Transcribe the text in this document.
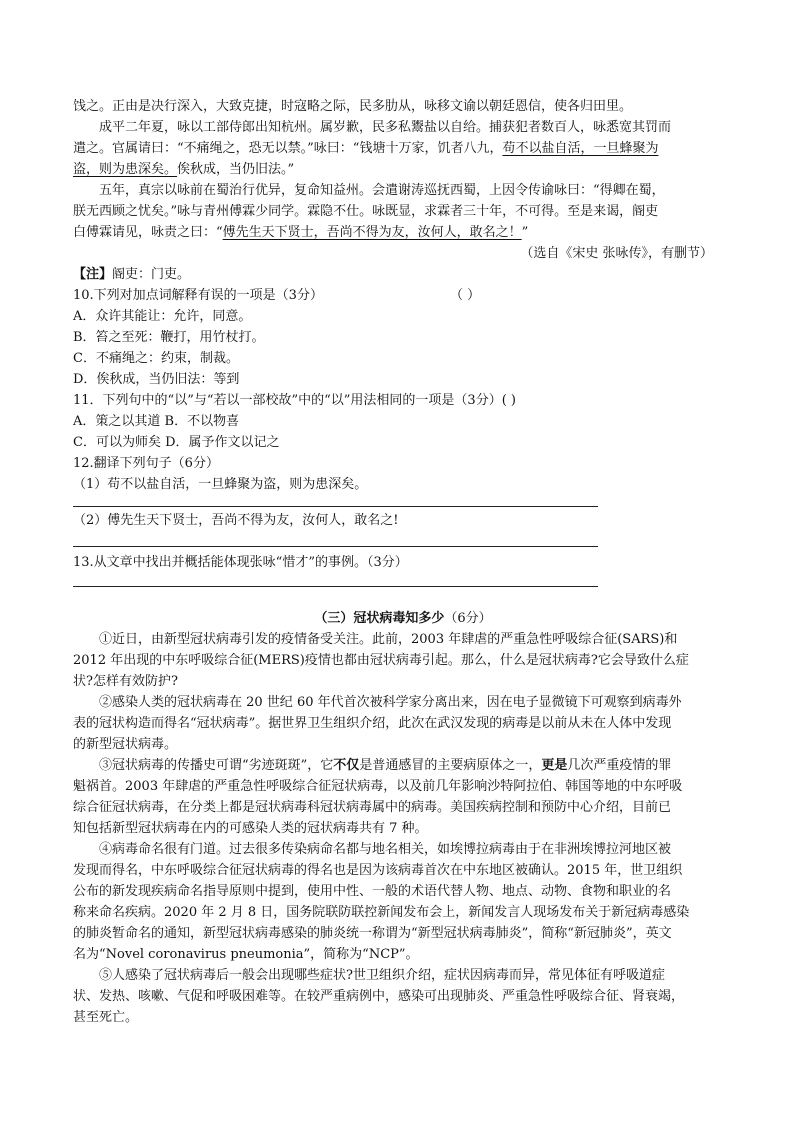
饯之。正由是决行深入，大致克捷，时寇略之际，民多肋从，咏移文谕以朝廷恩信，使各归田里。
成平二年夏，咏以工部侍郎出知杭州。属岁歉，民多私鬻盐以自给。捕获犯者数百人，咏悉宽其罚而
遣之。官属请曰：“不痛绳之，恐无以禁。”咏曰：“钱塘十万家，饥者八九，苟不以盐自活，一旦蜂聚为
盗，则为患深矣。俟秋成，当仍旧法。”
五年，真宗以咏前在蜀治行优异，复命知益州。会遣谢涛巡抚西蜀，上因令传谕咏曰：“得卿在蜀，
朕无西顾之忧矣。”咏与青州傅霖少同学。霖隐不仕。咏既显，求霖者三十年，不可得。至是来谒，阍吏
白傅霖请见，咏责之曰：“傅先生天下贤士，吾尚不得为友，汝何人，敢名之！”
（选自《宋史 张咏传》，有删节）
【注】阍吏：门吏。
10.下列对加点词解释有误的一项是（3分）	（ ）
A．众许其能让：允许，同意。
B．笞之至死：鞭打，用竹杖打。
C．不痛绳之：约束，制裁。
D．俟秋成，当仍旧法：等到
11．下列句中的“以”与“若以一部校故”中的“以”用法相同的一项是（3分）( )
A．策之以其道 B．不以物喜
C．可以为师矣 D．属予作文以记之
12.翻译下列句子（6分）
（1）苟不以盐自活，一旦蜂聚为盗，则为患深矣。
（2）傅先生天下贤士，吾尚不得为友，汝何人，敢名之!
13.从文章中找出并概括能体现张咏“惜才”的事例。（3分）
（三）冠状病毒知多少（6分）
①近日，由新型冠状病毒引发的疫情备受关注。此前，2003 年肆虐的严重急性呼吸综合征(SARS)和
2012 年出现的中东呼吸综合征(MERS)疫情也都由冠状病毒引起。那么，什么是冠状病毒?它会导致什么症
状?怎样有效防护?
②感染人类的冠状病毒在 20 世纪 60 年代首次被科学家分离出来，因在电子显微镜下可观察到病毒外
表的冠状构造而得名“冠状病毒”。据世界卫生组织介绍，此次在武汉发现的病毒是以前从未在人体中发现
的新型冠状病毒。
③冠状病毒的传播史可谓“劣迹斑斑”，它不仅是普通感冒的主要病原体之一，更是几次严重疫情的罪
魁祸首。2003 年肆虐的严重急性呼吸综合征冠状病毒，以及前几年影响沙特阿拉伯、韩国等地的中东呼吸
综合征冠状病毒，在分类上都是冠状病毒科冠状病毒属中的病毒。美国疾病控制和预防中心介绍，目前已
知包括新型冠状病毒在内的可感染人类的冠状病毒共有 7 种。
④病毒命名很有门道。过去很多传染病命名都与地名相关，如埃博拉病毒由于在非洲埃博拉河地区被
发现而得名，中东呼吸综合征冠状病毒的得名也是因为该病毒首次在中东地区被确认。2015 年，世卫组织
公布的新发现疾病命名指导原则中提到，使用中性、一般的术语代替人物、地点、动物、食物和职业的名
称来命名疾病。2020 年 2 月 8 日，国务院联防联控新闻发布会上，新闻发言人现场发布关于新冠病毒感染
的肺炎暂命名的通知，新型冠状病毒感染的肺炎统一称谓为“新型冠状病毒肺炎”，简称“新冠肺炎”，英文
名为“Novel coronavirus pneumonia”，简称为“NCP”。
⑤人感染了冠状病毒后一般会出现哪些症状?世卫组织介绍，症状因病毒而异，常见体征有呼吸道症
状、发热、咳嗽、气促和呼吸困难等。在较严重病例中，感染可出现肺炎、严重急性呼吸综合征、肾衰竭，
甚至死亡。
